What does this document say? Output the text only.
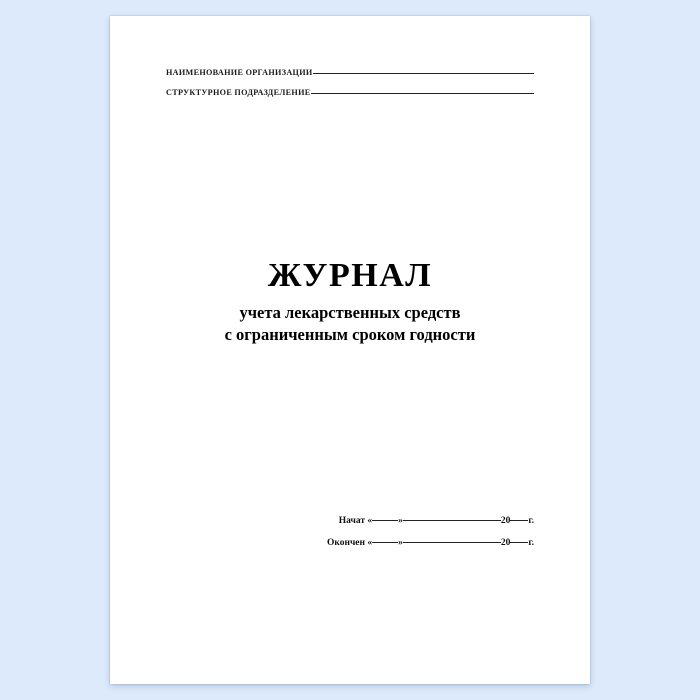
НАИМЕНОВАНИЕ ОРГАНИЗАЦИИ
СТРУКТУРНОЕ ПОДРАЗДЕЛЕНИЕ
ЖУРНАЛ
учета лекарственных средств
с ограниченным сроком годности
Начат «	»	20 г.
Окончен «	»	20 г.
